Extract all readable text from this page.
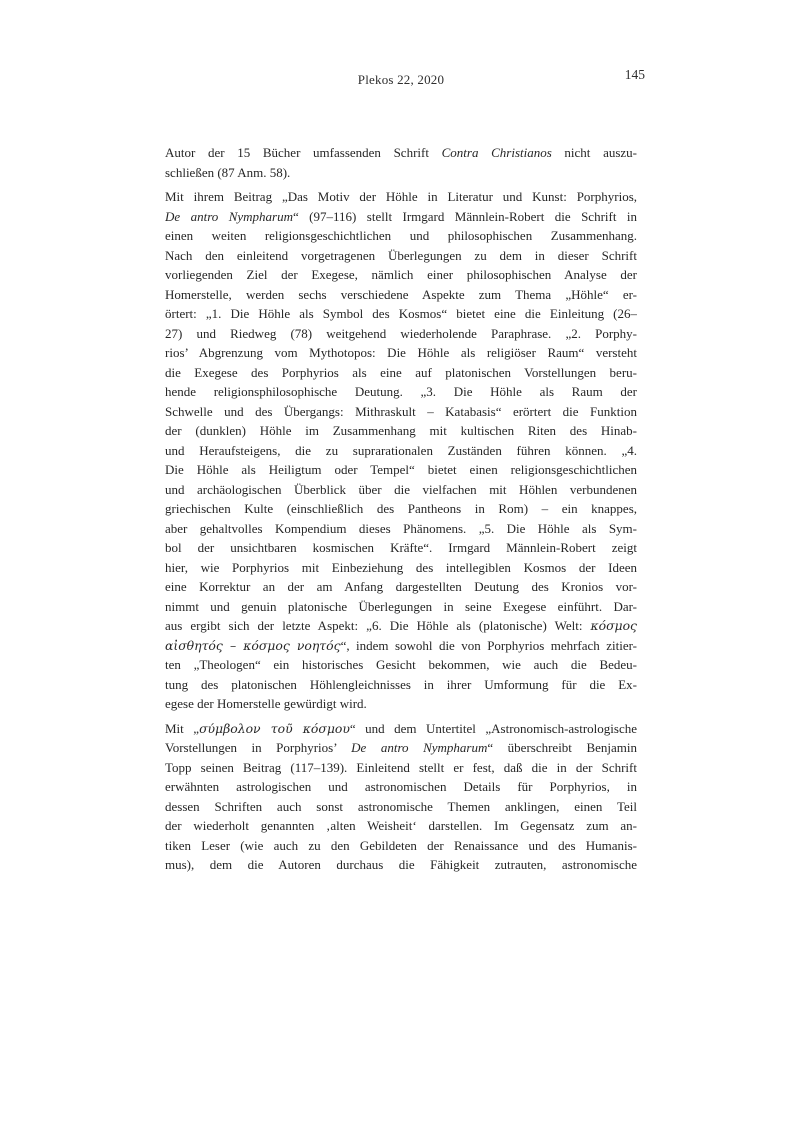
Plekos 22, 2020	145
Autor der 15 Bücher umfassenden Schrift Contra Christianos nicht auszu-
schließen (87 Anm. 58).
Mit ihrem Beitrag „Das Motiv der Höhle in Literatur und Kunst: Porphyrios,
De antro Nympharum“ (97–116) stellt Irmgard Männlein-Robert die Schrift in
einen weiten religionsgeschichtlichen und philosophischen Zusammenhang.
Nach den einleitend vorgetragenen Überlegungen zu dem in dieser Schrift
vorliegenden Ziel der Exegese, nämlich einer philosophischen Analyse der
Homerstelle, werden sechs verschiedene Aspekte zum Thema „Höhle“ er-
örtert: „1. Die Höhle als Symbol des Kosmos“ bietet eine die Einleitung (26–
27) und Riedweg (78) weitgehend wiederholende Paraphrase. „2. Porphy-
rios’ Abgrenzung vom Mythotopos: Die Höhle als religiöser Raum“ versteht
die Exegese des Porphyrios als eine auf platonischen Vorstellungen beru-
hende religionsphilosophische Deutung. „3. Die Höhle als Raum der
Schwelle und des Übergangs: Mithraskult – Katabasis“ erörtert die Funktion
der (dunklen) Höhle im Zusammenhang mit kultischen Riten des Hinab-
und Heraufsteigens, die zu suprarationalen Zuständen führen können. „4.
Die Höhle als Heiligtum oder Tempel“ bietet einen religionsgeschichtlichen
und archäologischen Überblick über die vielfachen mit Höhlen verbundenen
griechischen Kulte (einschließlich des Pantheons in Rom) – ein knappes,
aber gehaltvolles Kompendium dieses Phänomens. „5. Die Höhle als Sym-
bol der unsichtbaren kosmischen Kräfte“. Irmgard Männlein-Robert zeigt
hier, wie Porphyrios mit Einbeziehung des intellegiblen Kosmos der Ideen
eine Korrektur an der am Anfang dargestellten Deutung des Kronios vor-
nimmt und genuin platonische Überlegungen in seine Exegese einführt. Dar-
aus ergibt sich der letzte Aspekt: „6. Die Höhle als (platonische) Welt: κόσμος
αἰσθητός – κόσμος νοητός“, indem sowohl die von Porphyrios mehrfach zitier-
ten „Theologen“ ein historisches Gesicht bekommen, wie auch die Bedeu-
tung des platonischen Höhlengleichnisses in ihrer Umformung für die Ex-
egese der Homerstelle gewürdigt wird.
Mit „σύμβολον τοῦ κόσμου“ und dem Untertitel „Astronomisch-astrologische
Vorstellungen in Porphyrios’ De antro Nympharum“ überschreibt Benjamin
Topp seinen Beitrag (117–139). Einleitend stellt er fest, daß die in der Schrift
erwähnten astrologischen und astronomischen Details für Porphyrios, in
dessen Schriften auch sonst astronomische Themen anklingen, einen Teil
der wiederholt genannten ‚alten Weisheit‘ darstellen. Im Gegensatz zum an-
tiken Leser (wie auch zu den Gebildeten der Renaissance und des Humanis-
mus), dem die Autoren durchaus die Fähigkeit zutrauten, astronomische
